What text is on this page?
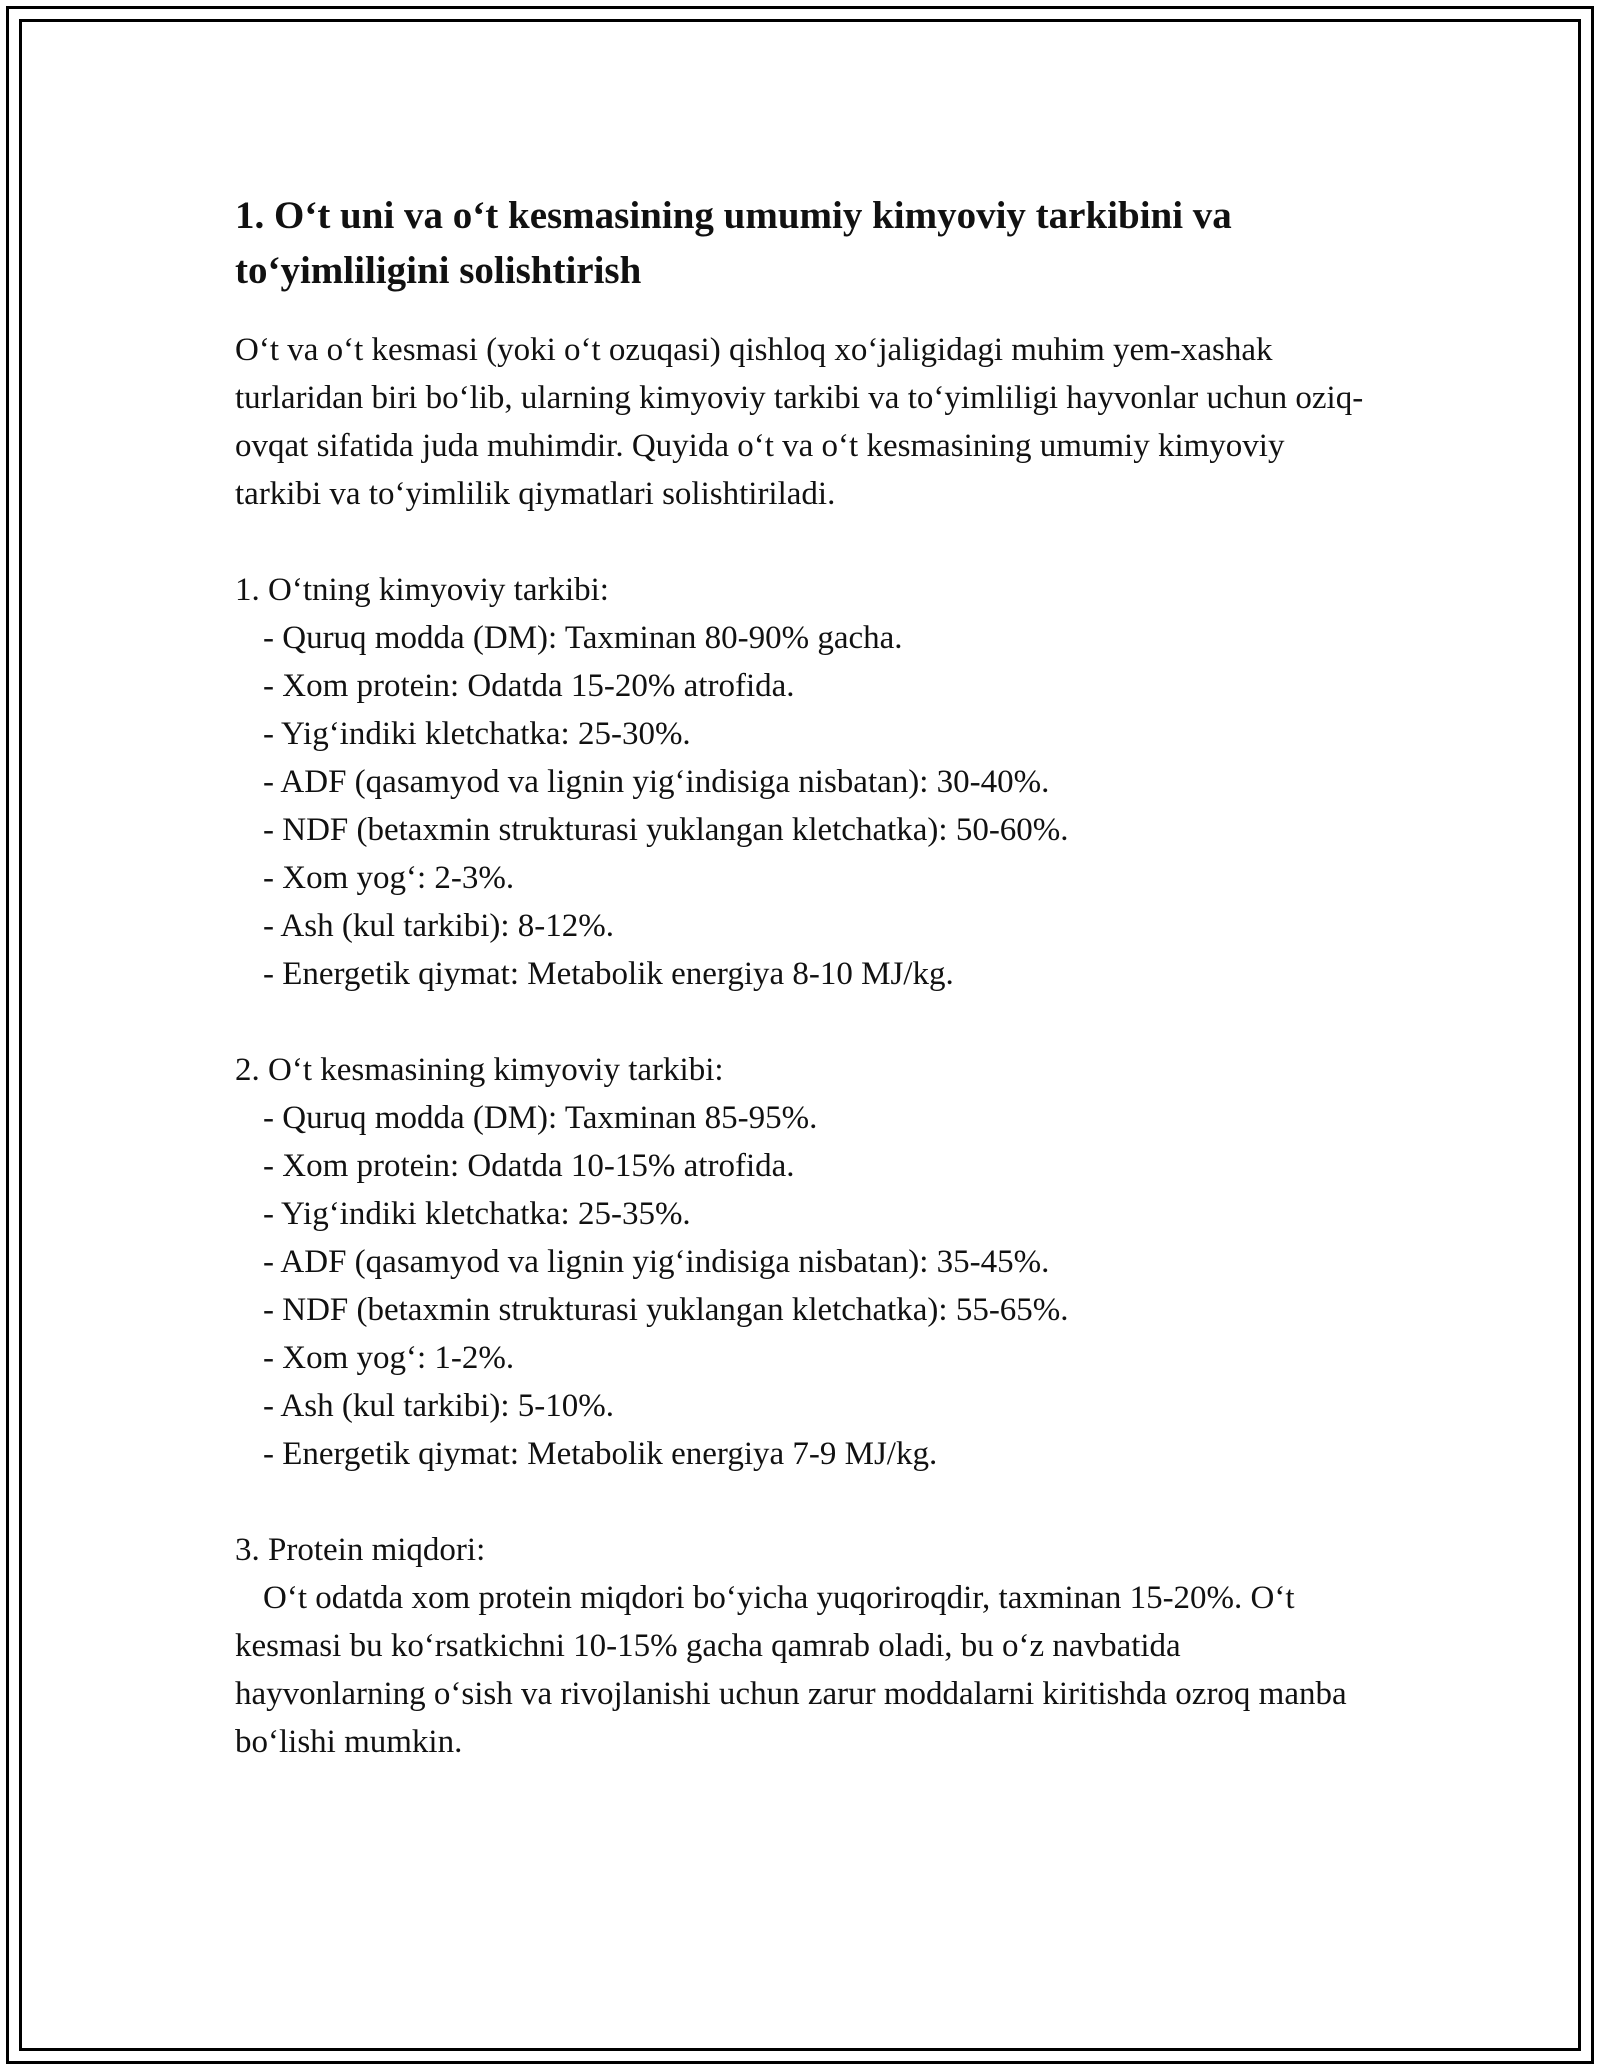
1. O‘t uni va o‘t kesmasining umumiy kimyoviy tarkibini va to‘yimliligini solishtirish

O‘t va o‘t kesmasi (yoki o‘t ozuqasi) qishloq xo‘jaligidagi muhim yem-xashak turlaridan biri bo‘lib, ularning kimyoviy tarkibi va to‘yimliligi hayvonlar uchun oziq-ovqat sifatida juda muhimdir. Quyida o‘t va o‘t kesmasining umumiy kimyoviy tarkibi va to‘yimlilik qiymatlari solishtiriladi.

1. O‘tning kimyoviy tarkibi:
- Quruq modda (DM): Taxminan 80-90% gacha.
- Xom protein: Odatda 15-20% atrofida.
- Yig‘indiki kletchatka: 25-30%.
- ADF (qasamyod va lignin yig‘indisiga nisbatan): 30-40%.
- NDF (betaxmin strukturasi yuklangan kletchatka): 50-60%.
- Xom yog‘: 2-3%.
- Ash (kul tarkibi): 8-12%.
- Energetik qiymat: Metabolik energiya 8-10 MJ/kg.
2. O‘t kesmasining kimyoviy tarkibi:
- Quruq modda (DM): Taxminan 85-95%.
- Xom protein: Odatda 10-15% atrofida.
- Yig‘indiki kletchatka: 25-35%.
- ADF (qasamyod va lignin yig‘indisiga nisbatan): 35-45%.
- NDF (betaxmin strukturasi yuklangan kletchatka): 55-65%.
- Xom yog‘: 1-2%.
- Ash (kul tarkibi): 5-10%.
- Energetik qiymat: Metabolik energiya 7-9 MJ/kg.
3. Protein miqdori:

O‘t odatda xom protein miqdori bo‘yicha yuqoriroqdir, taxminan 15-20%. O‘t kesmasi bu ko‘rsatkichni 10-15% gacha qamrab oladi, bu o‘z navbatida hayvonlarning o‘sish va rivojlanishi uchun zarur moddalarni kiritishda ozroq manba bo‘lishi mumkin.
